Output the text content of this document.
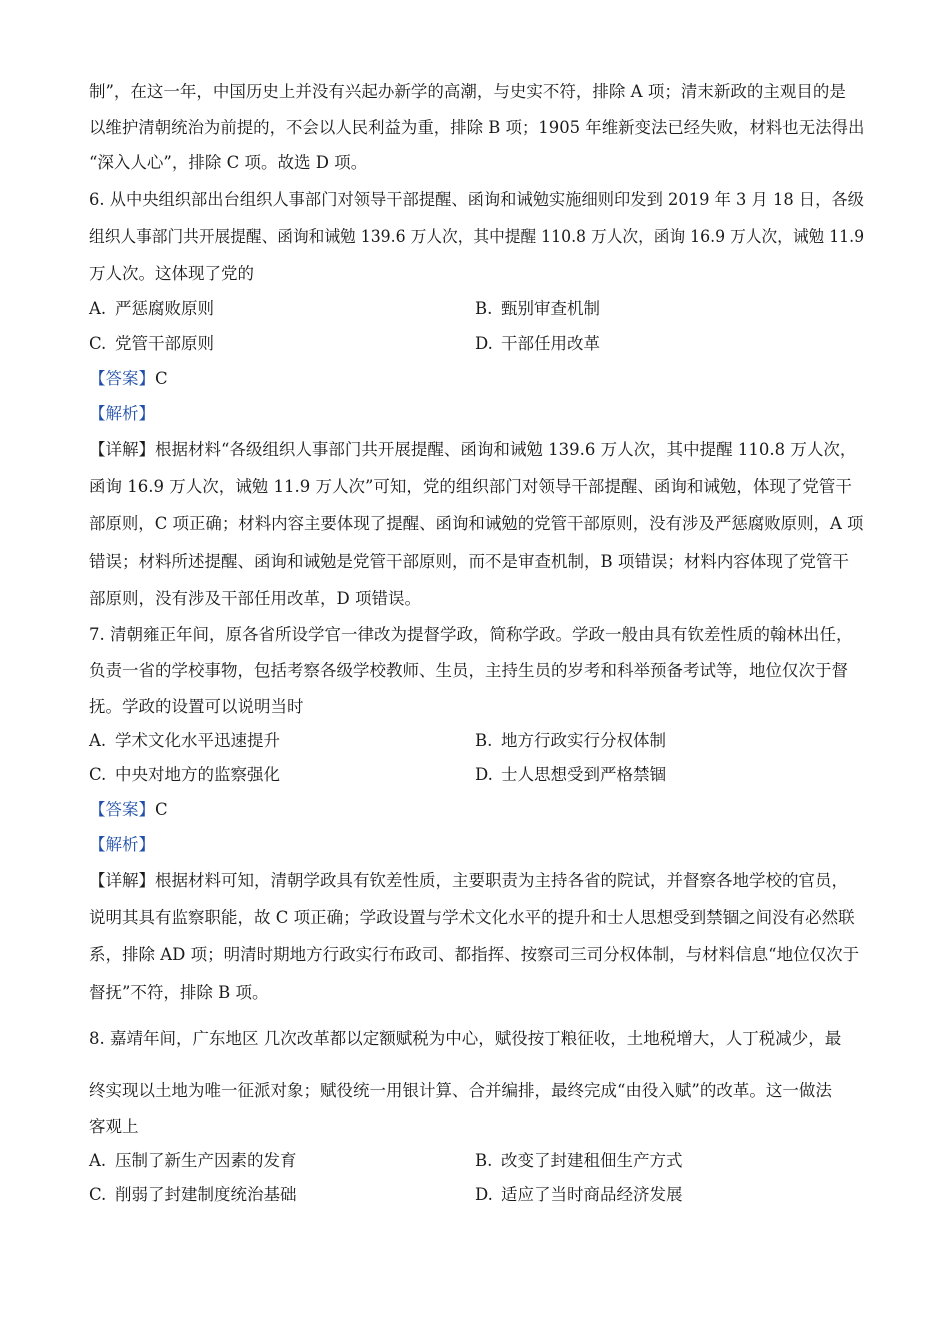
制”，在这一年，中国历史上并没有兴起办新学的高潮，与史实不符，排除 A 项；清末新政的主观目的是
以维护清朝统治为前提的，不会以人民利益为重，排除 B 项；1905 年维新变法已经失败，材料也无法得出
“深入人心”，排除 C 项。故选 D 项。
6. 从中央组织部出台组织人事部门对领导干部提醒、函询和诫勉实施细则印发到 2019 年 3 月 18 日，各级
组织人事部门共开展提醒、函询和诫勉 139.6 万人次，其中提醒 110.8 万人次，函询 16.9 万人次，诫勉 11.9
万人次。这体现了党的
A. 严惩腐败原则	B. 甄别审查机制
C. 党管干部原则	D. 干部任用改革
【答案】C
【解析】
【详解】根据材料“各级组织人事部门共开展提醒、函询和诫勉 139.6 万人次，其中提醒 110.8 万人次，
函询 16.9 万人次，诫勉 11.9 万人次”可知，党的组织部门对领导干部提醒、函询和诫勉，体现了党管干
部原则，C 项正确；材料内容主要体现了提醒、函询和诫勉的党管干部原则，没有涉及严惩腐败原则，A 项
错误；材料所述提醒、函询和诫勉是党管干部原则，而不是审查机制，B 项错误；材料内容体现了党管干
部原则，没有涉及干部任用改革，D 项错误。
7. 清朝雍正年间，原各省所设学官一律改为提督学政，简称学政。学政一般由具有钦差性质的翰林出任，
负责一省的学校事物，包括考察各级学校教师、生员，主持生员的岁考和科举预备考试等，地位仅次于督
抚。学政的设置可以说明当时
A. 学术文化水平迅速提升	B. 地方行政实行分权体制
C. 中央对地方的监察强化	D. 士人思想受到严格禁锢
【答案】C
【解析】
【详解】根据材料可知，清朝学政具有钦差性质，主要职责为主持各省的院试，并督察各地学校的官员，
说明其具有监察职能，故 C 项正确；学政设置与学术文化水平的提升和士人思想受到禁锢之间没有必然联
系，排除 AD 项；明清时期地方行政实行布政司、都指挥、按察司三司分权体制，与材料信息“地位仅次于
督抚”不符，排除 B 项。
8. 嘉靖年间，广东地区 几次改革都以定额赋税为中心，赋役按丁粮征收，土地税增大，人丁税减少，最
终实现以土地为唯一征派对象；赋役统一用银计算、合并编排，最终完成“由役入赋”的改革。这一做法
客观上
A. 压制了新生产因素的发育	B. 改变了封建租佃生产方式
C. 削弱了封建制度统治基础	D. 适应了当时商品经济发展
